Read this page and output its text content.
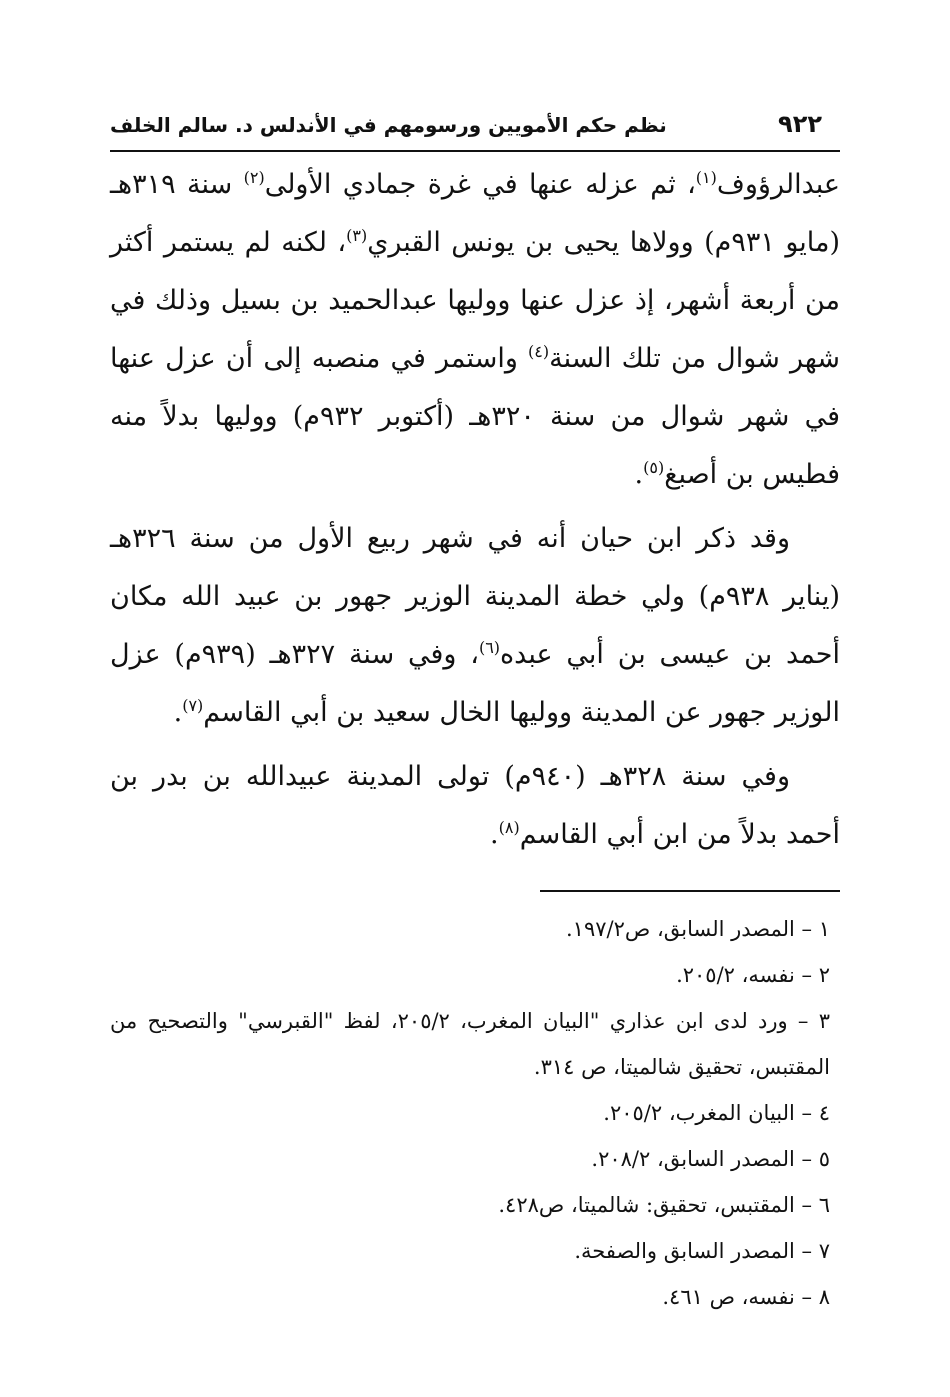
٩٢٢
نظم حكم الأمويين ورسومهم في الأندلس د. سالم الخلف

عبدالرؤوف$^{(١)}$، ثم عزله عنها في غرة جمادي الأولى$^{(٢)}$ سنة ٣١٩هـ (مايو ٩٣١م) وولاها يحيى بن يونس القبري$^{(٣)}$، لكنه لم يستمر أكثر من أربعة أشهر، إذ عزل عنها ووليها عبدالحميد بن بسيل وذلك في شهر شوال من تلك السنة$^{(٤)}$ واستمر في منصبه إلى أن عزل عنها في شهر شوال من سنة ٣٢٠هـ (أكتوبر ٩٣٢م) ووليها بدلاً منه فطيس بن أصبغ$^{(٥)}$.

وقد ذكر ابن حيان أنه في شهر ربيع الأول من سنة ٣٢٦هـ (يناير ٩٣٨م) ولي خطة المدينة الوزير جهور بن عبيد الله مكان أحمد بن عيسى بن أبي عبده$^{(٦)}$، وفي سنة ٣٢٧هـ (٩٣٩م) عزل الوزير جهور عن المدينة ووليها الخال سعيد بن أبي القاسم$^{(٧)}$.

وفي سنة ٣٢٨هـ (٩٤٠م) تولى المدينة عبيدالله بن بدر بن أحمد بدلاً من ابن أبي القاسم$^{(٨)}$.

١ – المصدر السابق، ص١٩٧/٢.

٢ – نفسه، ٢٠٥/٢.

٣ – ورد لدى ابن عذاري "البيان المغرب، ٢٠٥/٢، لفظ "القبرسي" والتصحيح من المقتبس، تحقيق شالميتا، ص ٣١٤.

٤ – البيان المغرب، ٢٠٥/٢.

٥ – المصدر السابق، ٢٠٨/٢.

٦ – المقتبس، تحقيق: شالميتا، ص٤٢٨.

٧ – المصدر السابق والصفحة.

٨ – نفسه، ص ٤٦١.
